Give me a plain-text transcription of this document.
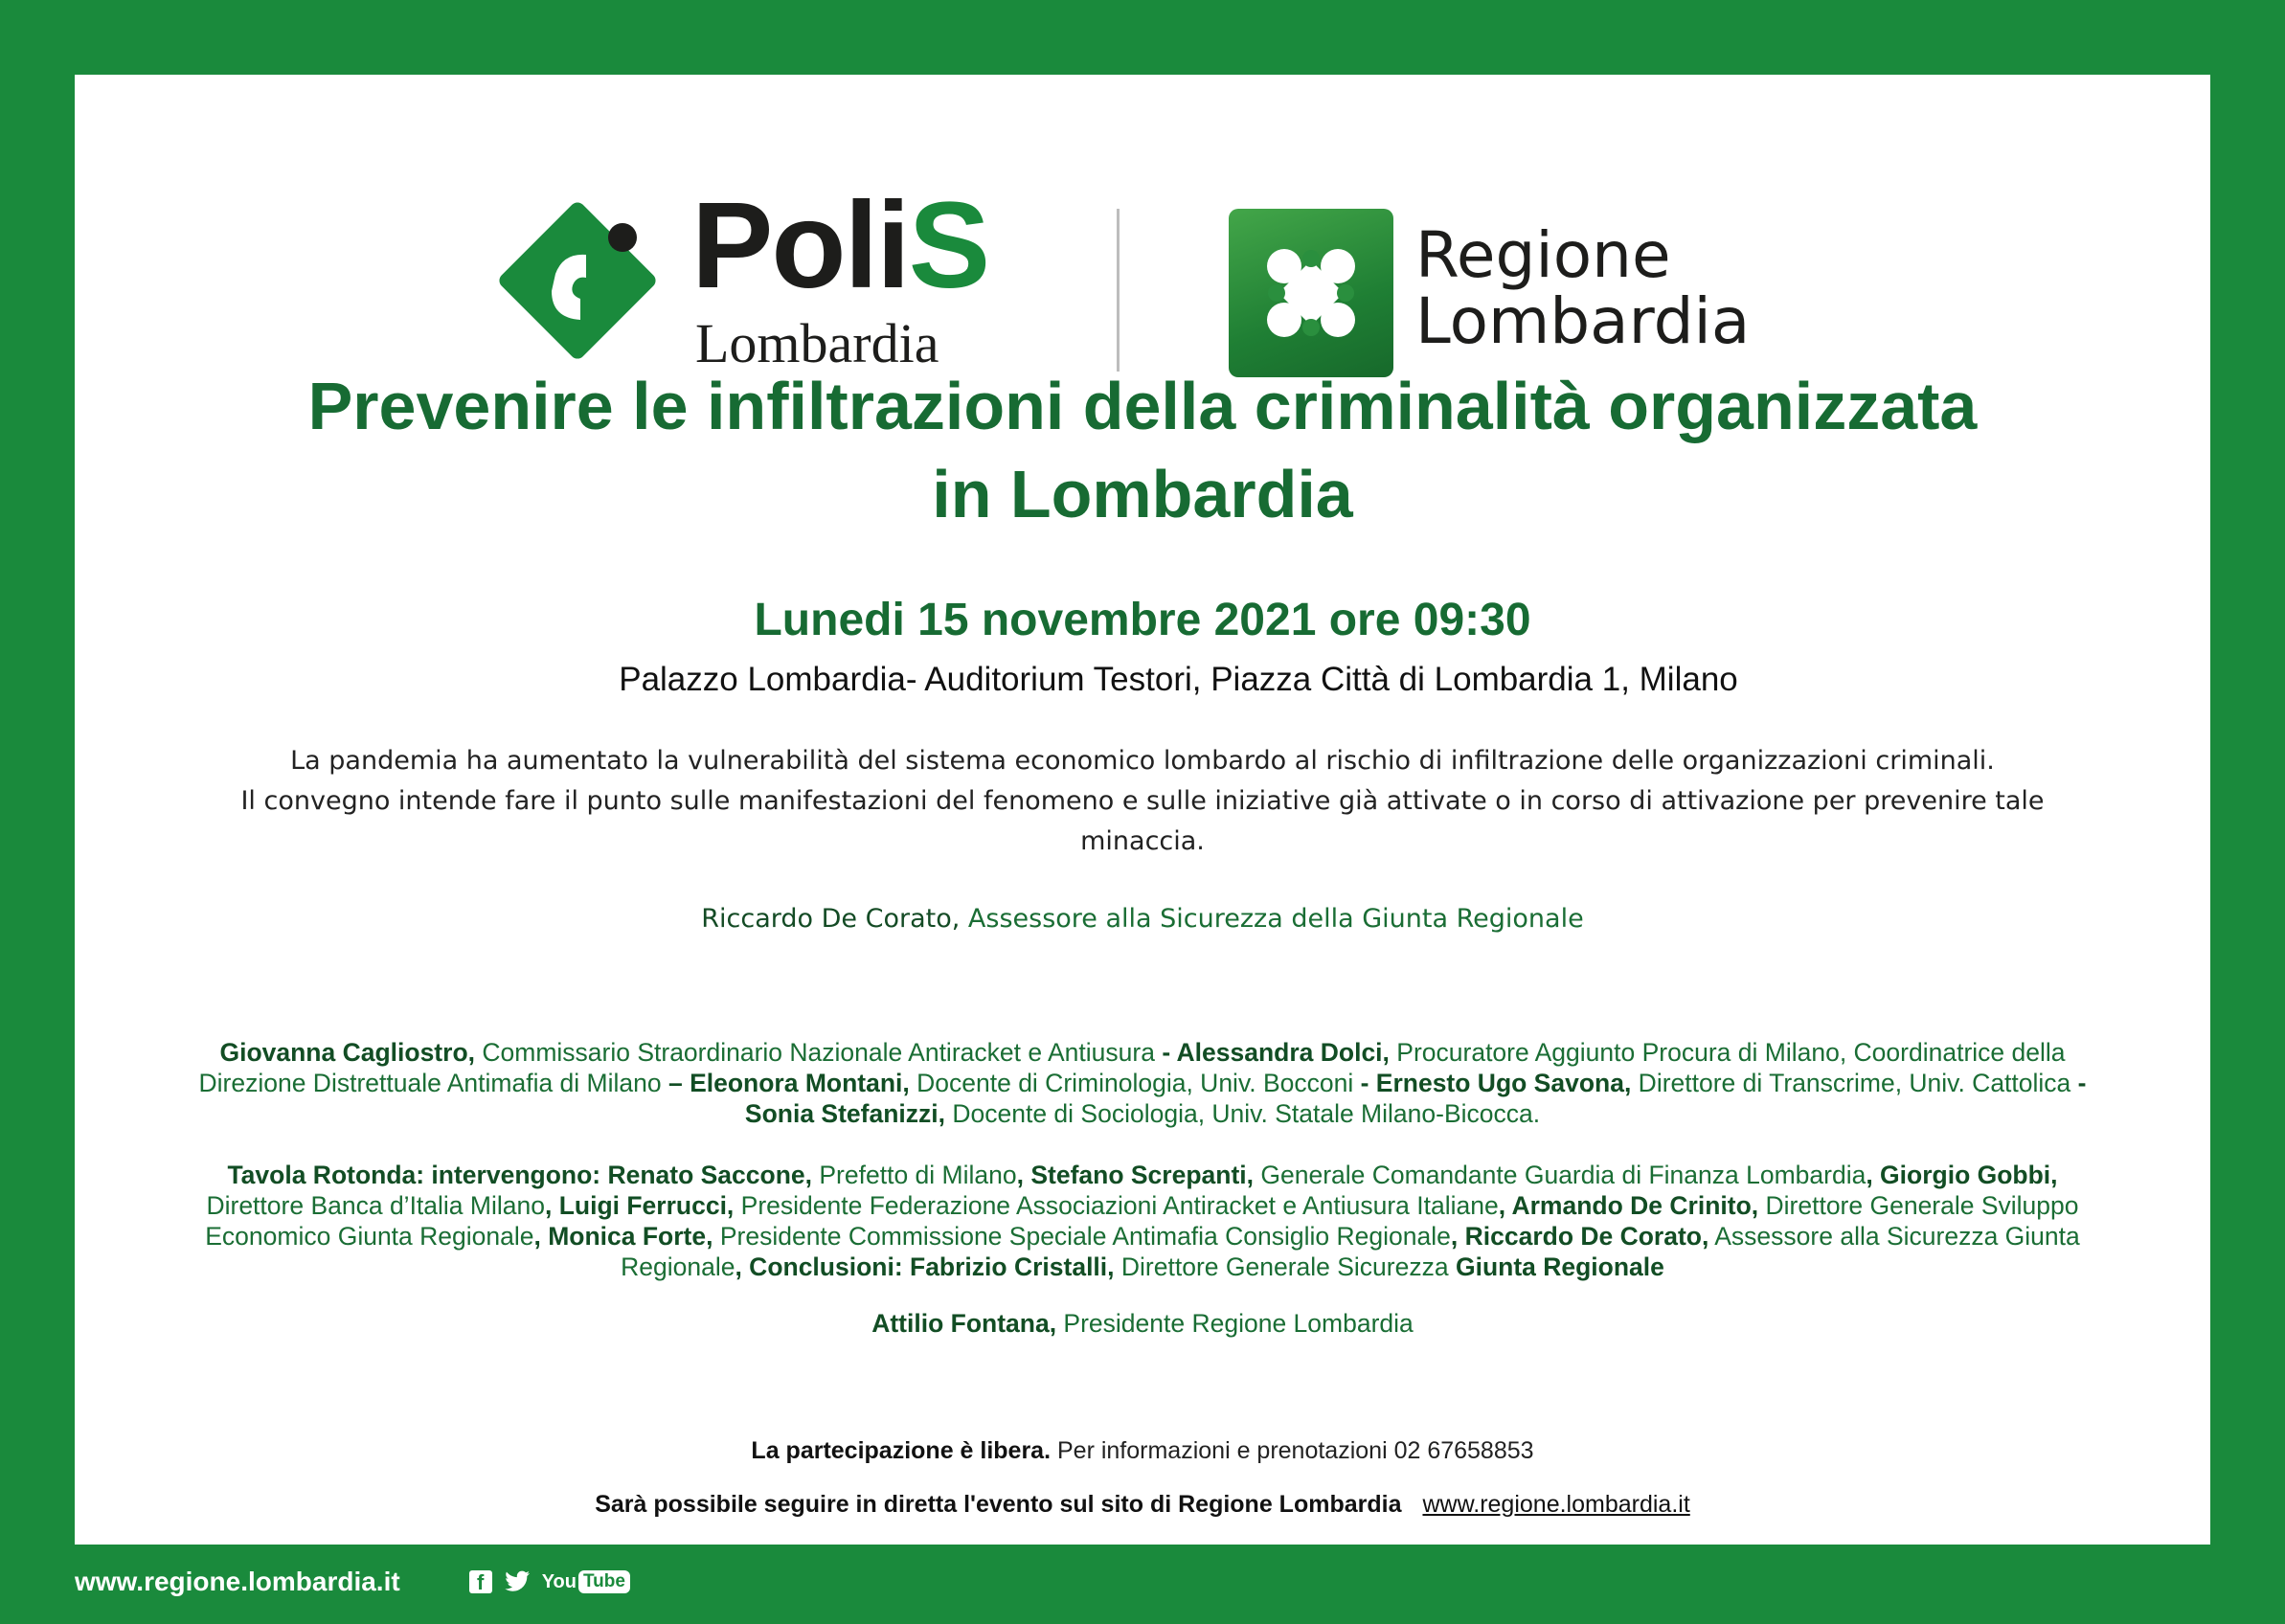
PoliS
Lombardia
Regione
Lombardia
Prevenire le infiltrazioni della criminalità organizzata
in Lombardia
Lunedi 15 novembre 2021 ore 09:30
Palazzo Lombardia- Auditorium Testori, Piazza Città di Lombardia 1, Milano

La pandemia ha aumentato la vulnerabilità del sistema economico lombardo al rischio di infiltrazione delle organizzazioni criminali.

Il convegno intende fare il punto sulle manifestazioni del fenomeno e sulle iniziative già attivate o in corso di attivazione per prevenire tale minaccia.

Riccardo De Corato, Assessore alla Sicurezza della Giunta Regionale
Giovanna Cagliostro, Commissario Straordinario Nazionale Antiracket e Antiusura - Alessandra Dolci, Procuratore Aggiunto Procura di Milano, Coordinatrice della Direzione Distrettuale Antimafia di Milano – Eleonora Montani, Docente di Criminologia, Univ. Bocconi - Ernesto Ugo Savona, Direttore di Transcrime, Univ. Cattolica - Sonia Stefanizzi, Docente di Sociologia, Univ. Statale Milano-Bicocca.
Tavola Rotonda: intervengono: Renato Saccone, Prefetto di Milano, Stefano Screpanti, Generale Comandante Guardia di Finanza Lombardia, Giorgio Gobbi, Direttore Banca d’Italia Milano, Luigi Ferrucci, Presidente Federazione Associazioni Antiracket e Antiusura Italiane, Armando De Crinito, Direttore Generale Sviluppo Economico Giunta Regionale, Monica Forte, Presidente Commissione Speciale Antimafia Consiglio Regionale, Riccardo De Corato, Assessore alla Sicurezza Giunta Regionale, Conclusioni: Fabrizio Cristalli, Direttore Generale Sicurezza Giunta Regionale
Attilio Fontana, Presidente Regione Lombardia
La partecipazione è libera. Per informazioni e prenotazioni 02 67658853
Sarà possibile seguire in diretta l'evento sul sito di Regione Lombardia www.regione.lombardia.it
www.regione.lombardia.it	f	You Tube
